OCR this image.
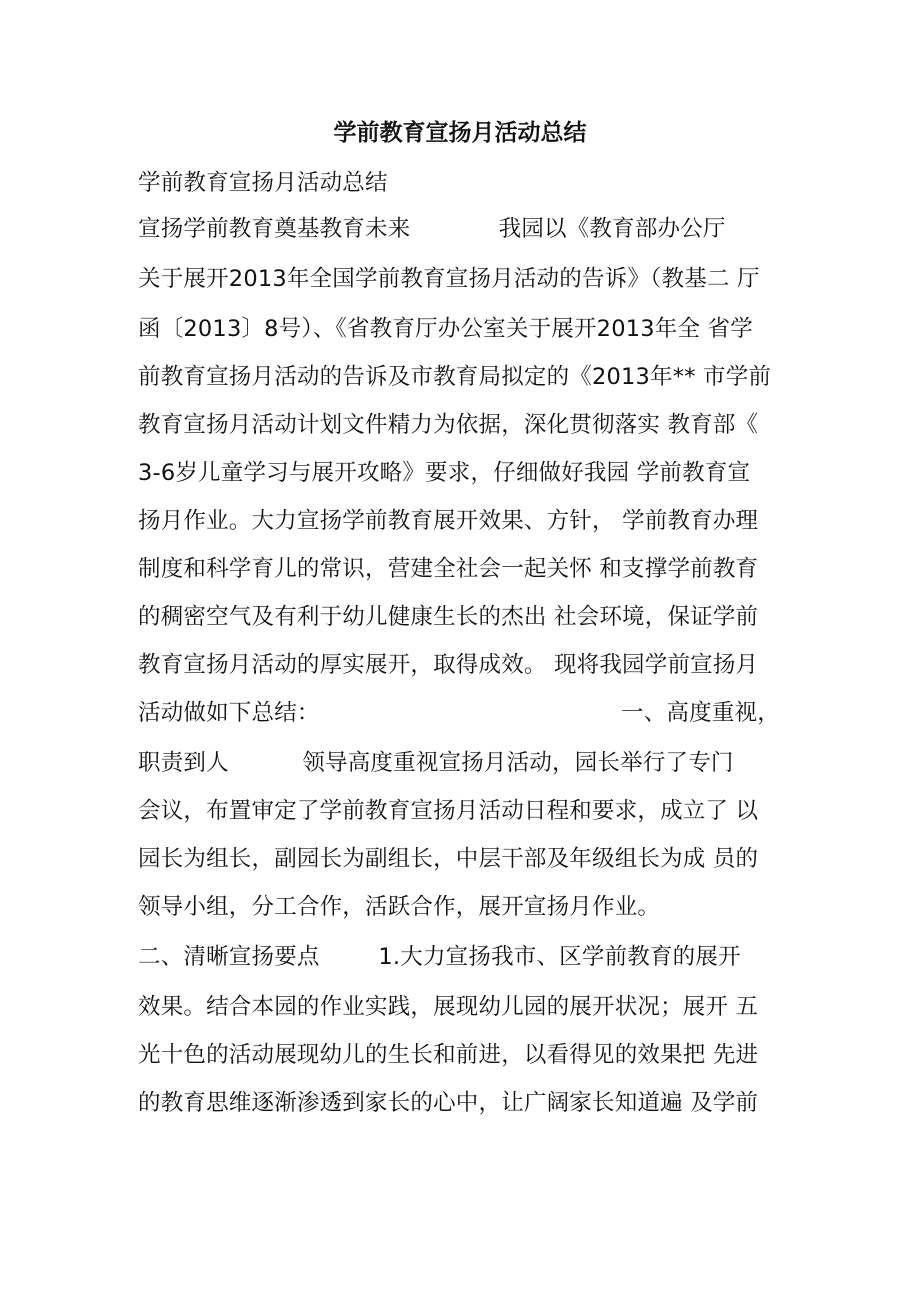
学前教育宣扬月活动总结
学前教育宣扬月活动总结
宣扬学前教育奠基教育未来            我园以《教育部办公厅
关于展开2013年全国学前教育宣扬月活动的告诉》（教基二 厅
函〔2013〕8号）、《省教育厅办公室关于展开2013年全 省学
前教育宣扬月活动的告诉及市教育局拟定的《2013年** 市学前
教育宣扬月活动计划文件精力为依据，深化贯彻落实 教育部《
3-6岁儿童学习与展开攻略》要求，仔细做好我园 学前教育宣
扬月作业。大力宣扬学前教育展开效果、方针， 学前教育办理
制度和科学育儿的常识，营建全社会一起关怀 和支撑学前教育
的稠密空气及有利于幼儿健康生长的杰出 社会环境，保证学前
教育宣扬月活动的厚实展开，取得成效。 现将我园学前宣扬月
活动做如下总结：                                         一、高度重视，
职责到人          领导高度重视宣扬月活动，园长举行了专门
会议，布置审定了学前教育宣扬月活动日程和要求，成立了 以
园长为组长，副园长为副组长，中层干部及年级组长为成 员的
领导小组，分工合作，活跃合作，展开宣扬月作业。
二、清晰宣扬要点        1.大力宣扬我市、区学前教育的展开
效果。结合本园的作业实践，展现幼儿园的展开状况；展开 五
光十色的活动展现幼儿的生长和前进，以看得见的效果把 先进
的教育思维逐渐渗透到家长的心中，让广阔家长知道遍 及学前
